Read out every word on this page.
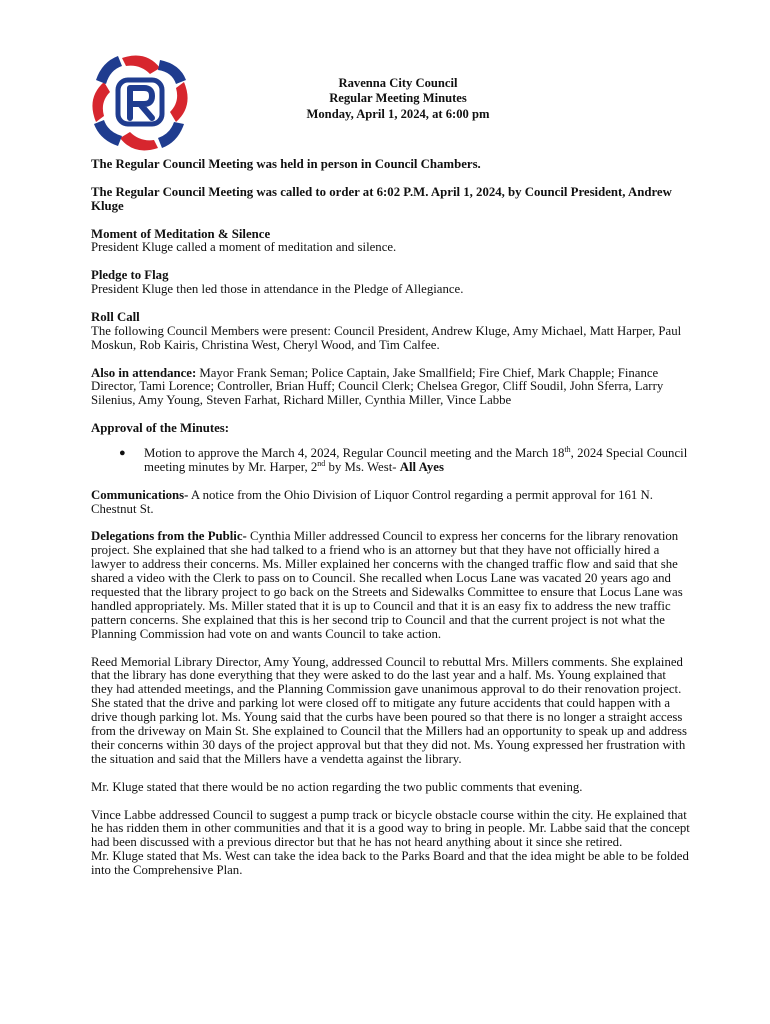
Ravenna City Council
Regular Meeting Minutes
Monday, April 1, 2024, at 6:00 pm

The Regular Council Meeting was held in person in Council Chambers.

The Regular Council Meeting was called to order at 6:02 P.M. April 1, 2024, by Council President, Andrew Kluge

Moment of Meditation & Silence
President Kluge called a moment of meditation and silence.

Pledge to Flag
President Kluge then led those in attendance in the Pledge of Allegiance.

Roll Call
The following Council Members were present: Council President, Andrew Kluge, Amy Michael, Matt Harper, Paul Moskun, Rob Kairis, Christina West, Cheryl Wood, and Tim Calfee.

Also in attendance: Mayor Frank Seman; Police Captain, Jake Smallfield; Fire Chief, Mark Chapple; Finance Director, Tami Lorence; Controller, Brian Huff; Council Clerk; Chelsea Gregor, Cliff Soudil, John Sferra, Larry Silenius, Amy Young, Steven Farhat, Richard Miller, Cynthia Miller, Vince Labbe

Approval of the Minutes:

●	Motion to approve the March 4, 2024, Regular Council meeting and the March 18th, 2024 Special Council meeting minutes by Mr. Harper, 2nd by Ms. West- All Ayes

Communications- A notice from the Ohio Division of Liquor Control regarding a permit approval for 161 N. Chestnut St.

Delegations from the Public- Cynthia Miller addressed Council to express her concerns for the library renovation project. She explained that she had talked to a friend who is an attorney but that they have not officially hired a lawyer to address their concerns. Ms. Miller explained her concerns with the changed traffic flow and said that she shared a video with the Clerk to pass on to Council. She recalled when Locus Lane was vacated 20 years ago and requested that the library project to go back on the Streets and Sidewalks Committee to ensure that Locus Lane was handled appropriately. Ms. Miller stated that it is up to Council and that it is an easy fix to address the new traffic pattern concerns. She explained that this is her second trip to Council and that the current project is not what the Planning Commission had vote on and wants Council to take action.

Reed Memorial Library Director, Amy Young, addressed Council to rebuttal Mrs. Millers comments. She explained that the library has done everything that they were asked to do the last year and a half. Ms. Young explained that they had attended meetings, and the Planning Commission gave unanimous approval to do their renovation project. She stated that the drive and parking lot were closed off to mitigate any future accidents that could happen with a drive though parking lot. Ms. Young said that the curbs have been poured so that there is no longer a straight access from the driveway on Main St. She explained to Council that the Millers had an opportunity to speak up and address their concerns within 30 days of the project approval but that they did not. Ms. Young expressed her frustration with the situation and said that the Millers have a vendetta against the library.

Mr. Kluge stated that there would be no action regarding the two public comments that evening.

Vince Labbe addressed Council to suggest a pump track or bicycle obstacle course within the city. He explained that he has ridden them in other communities and that it is a good way to bring in people. Mr. Labbe said that the concept had been discussed with a previous director but that he has not heard anything about it since she retired.

Mr. Kluge stated that Ms. West can take the idea back to the Parks Board and that the idea might be able to be folded into the Comprehensive Plan.
